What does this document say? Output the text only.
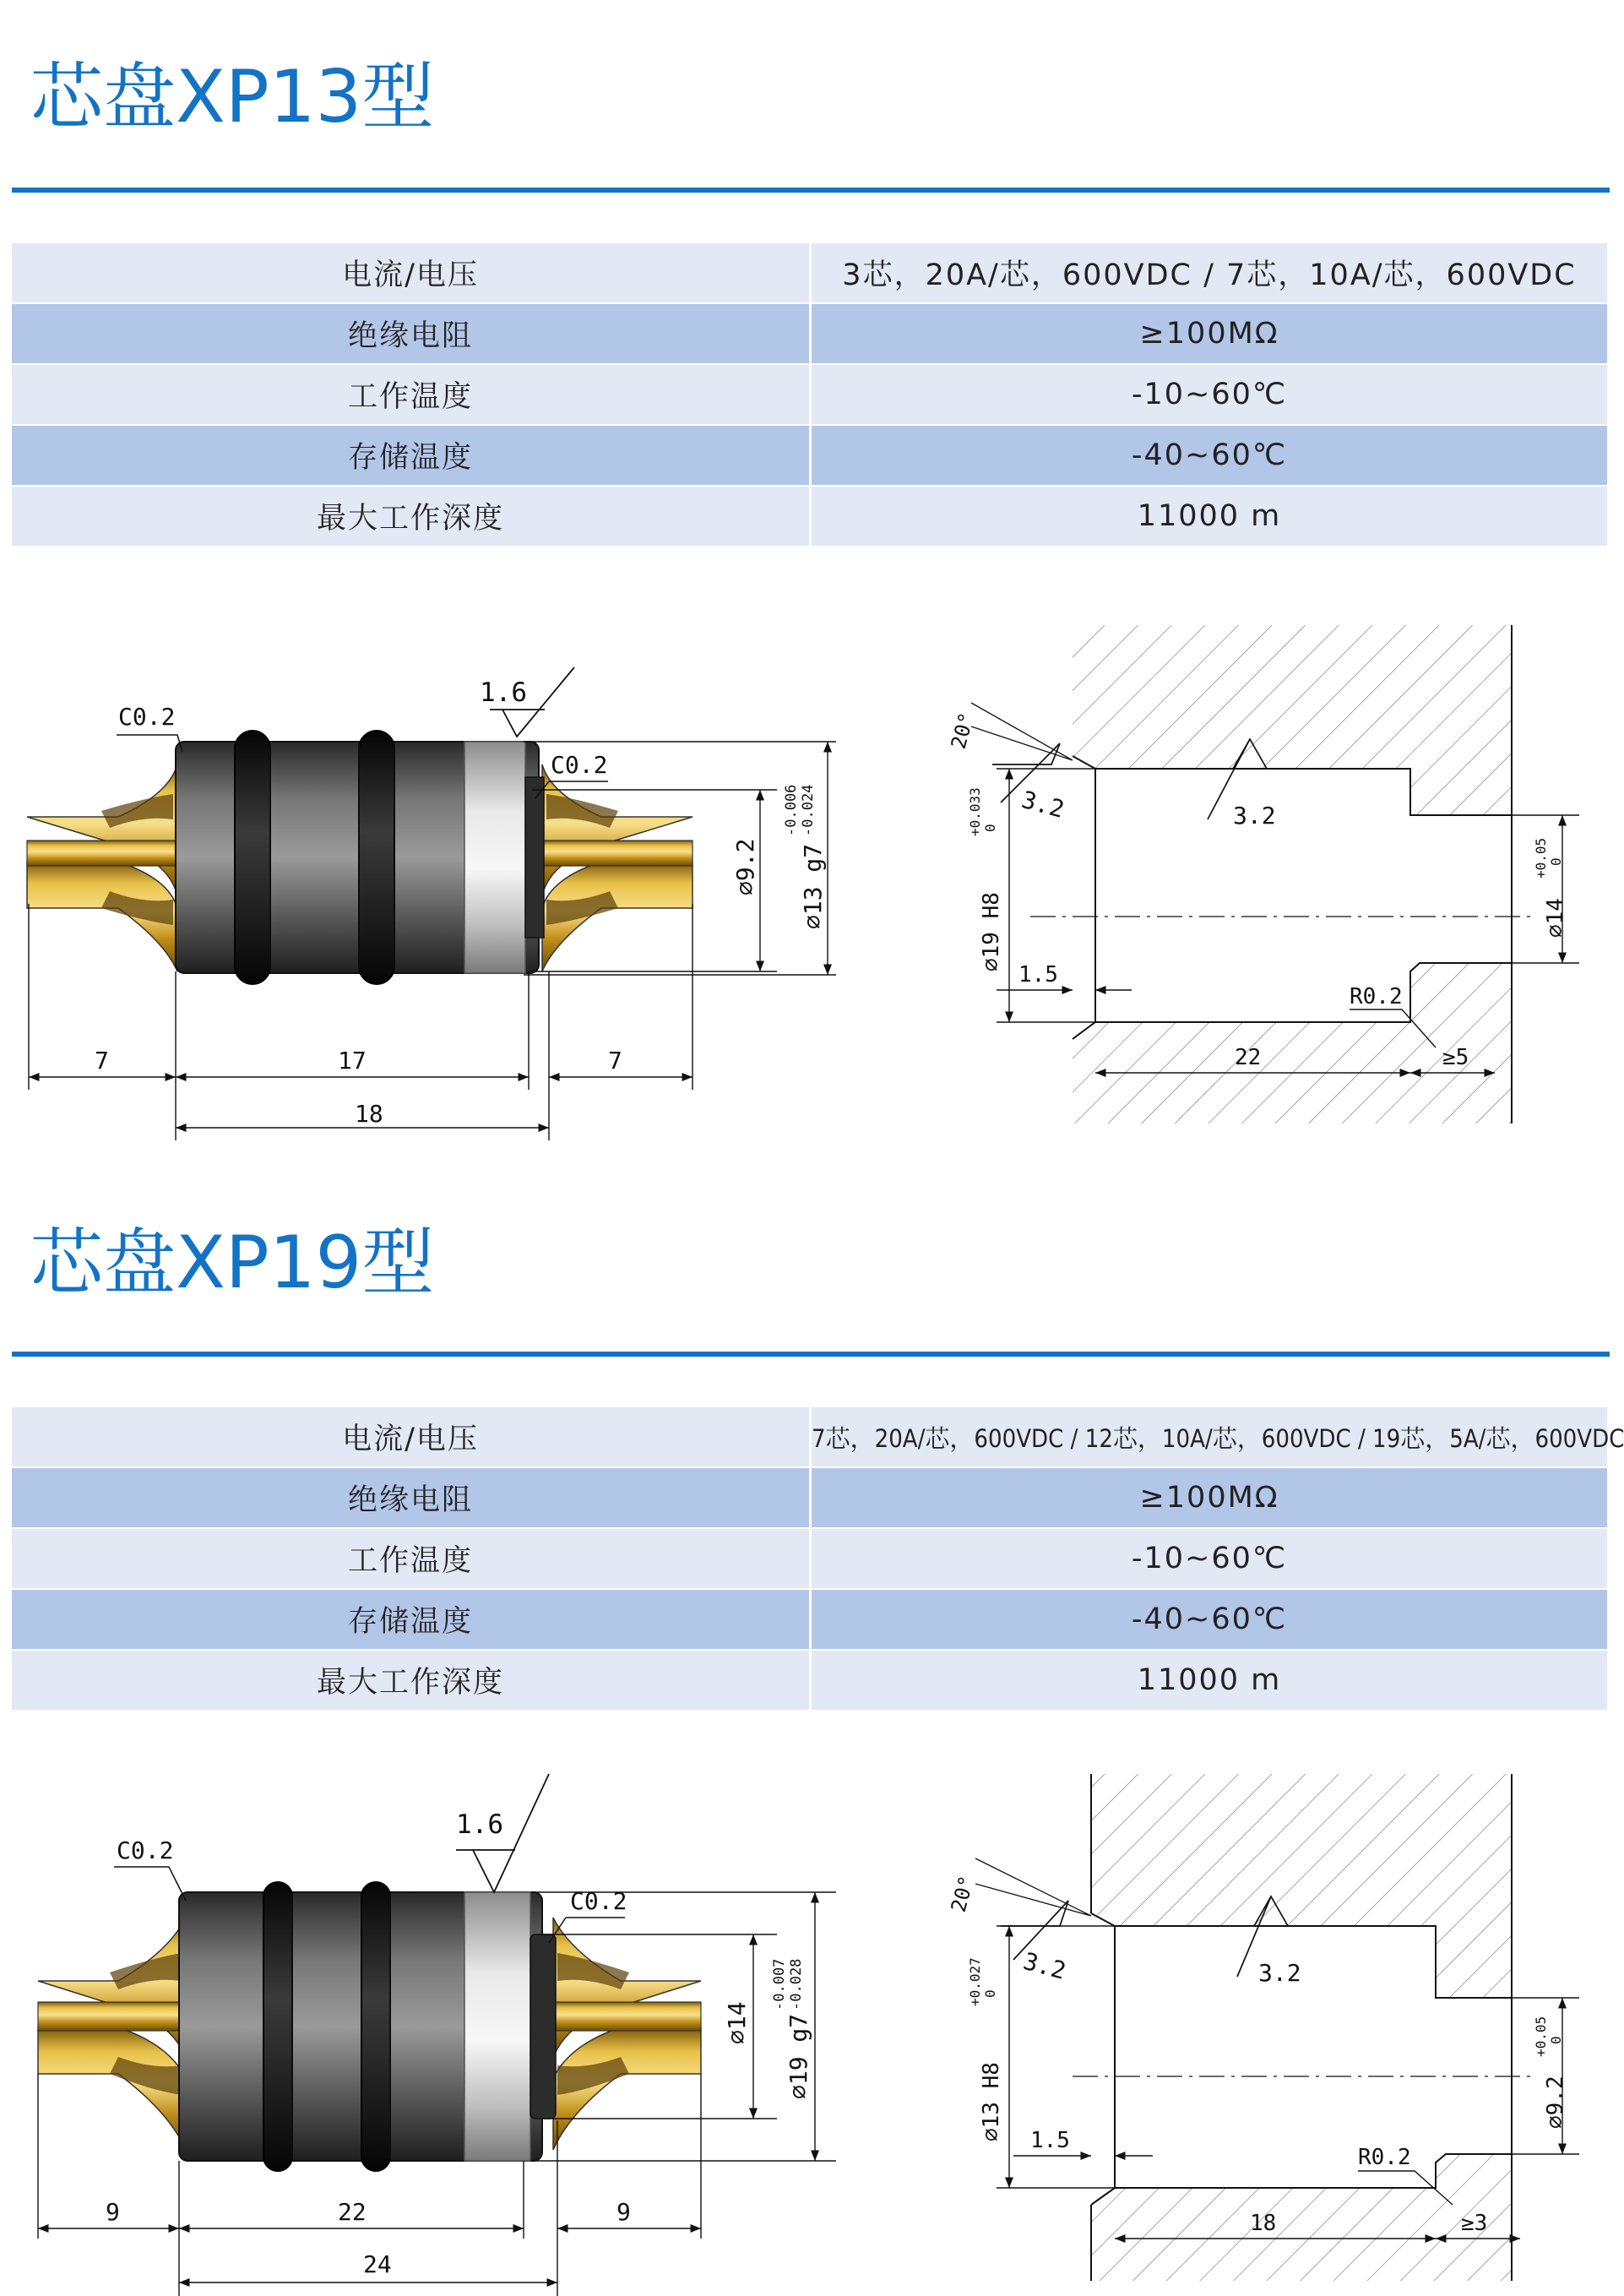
芯盘XP13型
电流/电压	3芯，20A/芯，600VDC / 7芯，10A/芯，600VDC
绝缘电阻	≥100MΩ
工作温度	-10~60℃
存储温度	-40~60℃
最大工作深度	11000 m
1.6
C0.2
C0.2
∅9.2 ∅13 g7
-0.006 -0.024
7	17	7
18
20°
3.2	3.2
∅19 H8
+0.033 0
∅14
+0.05 0
1.5
R0.2
22	≥5
芯盘XP19型
电流/电压	7芯，20A/芯，600VDC / 12芯，10A/芯，600VDC / 19芯，5A/芯，600VDC
绝缘电阻	≥100MΩ
工作温度	-10~60℃
存储温度	-40~60℃
最大工作深度	11000 m
1.6
C0.2
C0.2
∅14 ∅19 g7
-0.007 -0.028
9	22	9
24
20°
3.2	3.2
∅13 H8
+0.027 0
∅9.2
+0.05 0
1.5
R0.2
18	≥3
